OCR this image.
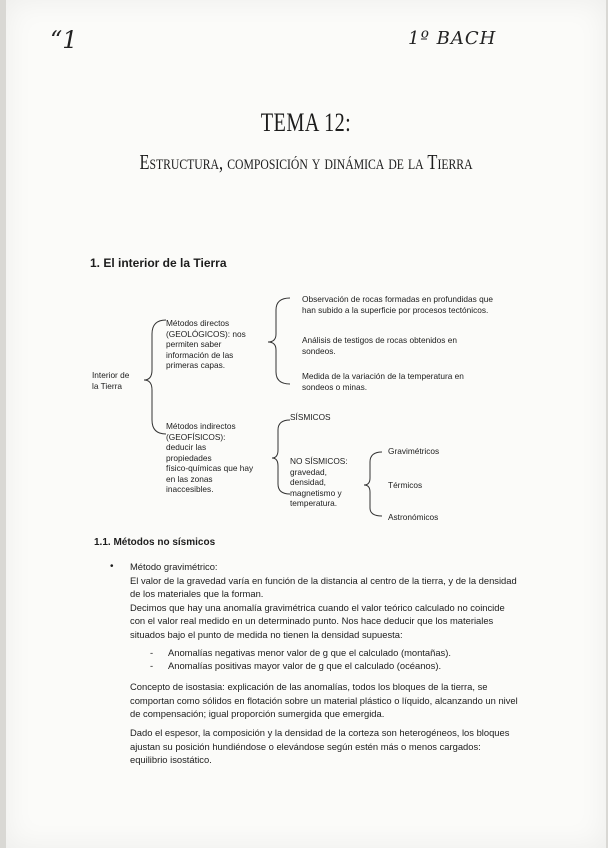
“1	1º BACH
TEMA 12:
Estructura, composición y dinámica de la Tierra
1. El interior de la Tierra
Interior de
la Tierra
Métodos directos
(GEOLÓGICOS): nos
permiten saber
información de las
primeras capas.
Observación de rocas formadas en profundidas que
han subido a la superficie por procesos tectónicos.
Análisis de testigos de rocas obtenidos en
sondeos.
Medida de la variación de la temperatura en
sondeos o minas.
Métodos indirectos
(GEOFÍSICOS):
deducir las
propiedades
físico-químicas que hay
en las zonas
inaccesibles.
SÍSMICOS
NO SÍSMICOS:
gravedad,
densidad,
magnetismo y
temperatura.
Gravimétricos
Térmicos
Astronómicos
1.1. Métodos no sísmicos
• Método gravimétrico:
El valor de la gravedad varía en función de la distancia al centro de la tierra, y de la densidad
de los materiales que la forman.
Decimos que hay una anomalía gravimétrica cuando el valor teórico calculado no coincide
con el valor real medido en un determinado punto. Nos hace deducir que los materiales
situados bajo el punto de medida no tienen la densidad supuesta:
- Anomalías negativas menor valor de g que el calculado (montañas).
- Anomalías positivas mayor valor de g que el calculado (océanos).
Concepto de isostasia: explicación de las anomalías, todos los bloques de la tierra, se
comportan como sólidos en flotación sobre un material plástico o líquido, alcanzando un nivel
de compensación; igual proporción sumergida que emergida.
Dado el espesor, la composición y la densidad de la corteza son heterogéneos, los bloques
ajustan su posición hundiéndose o elevándose según estén más o menos cargados:
equilibrio isostático.
